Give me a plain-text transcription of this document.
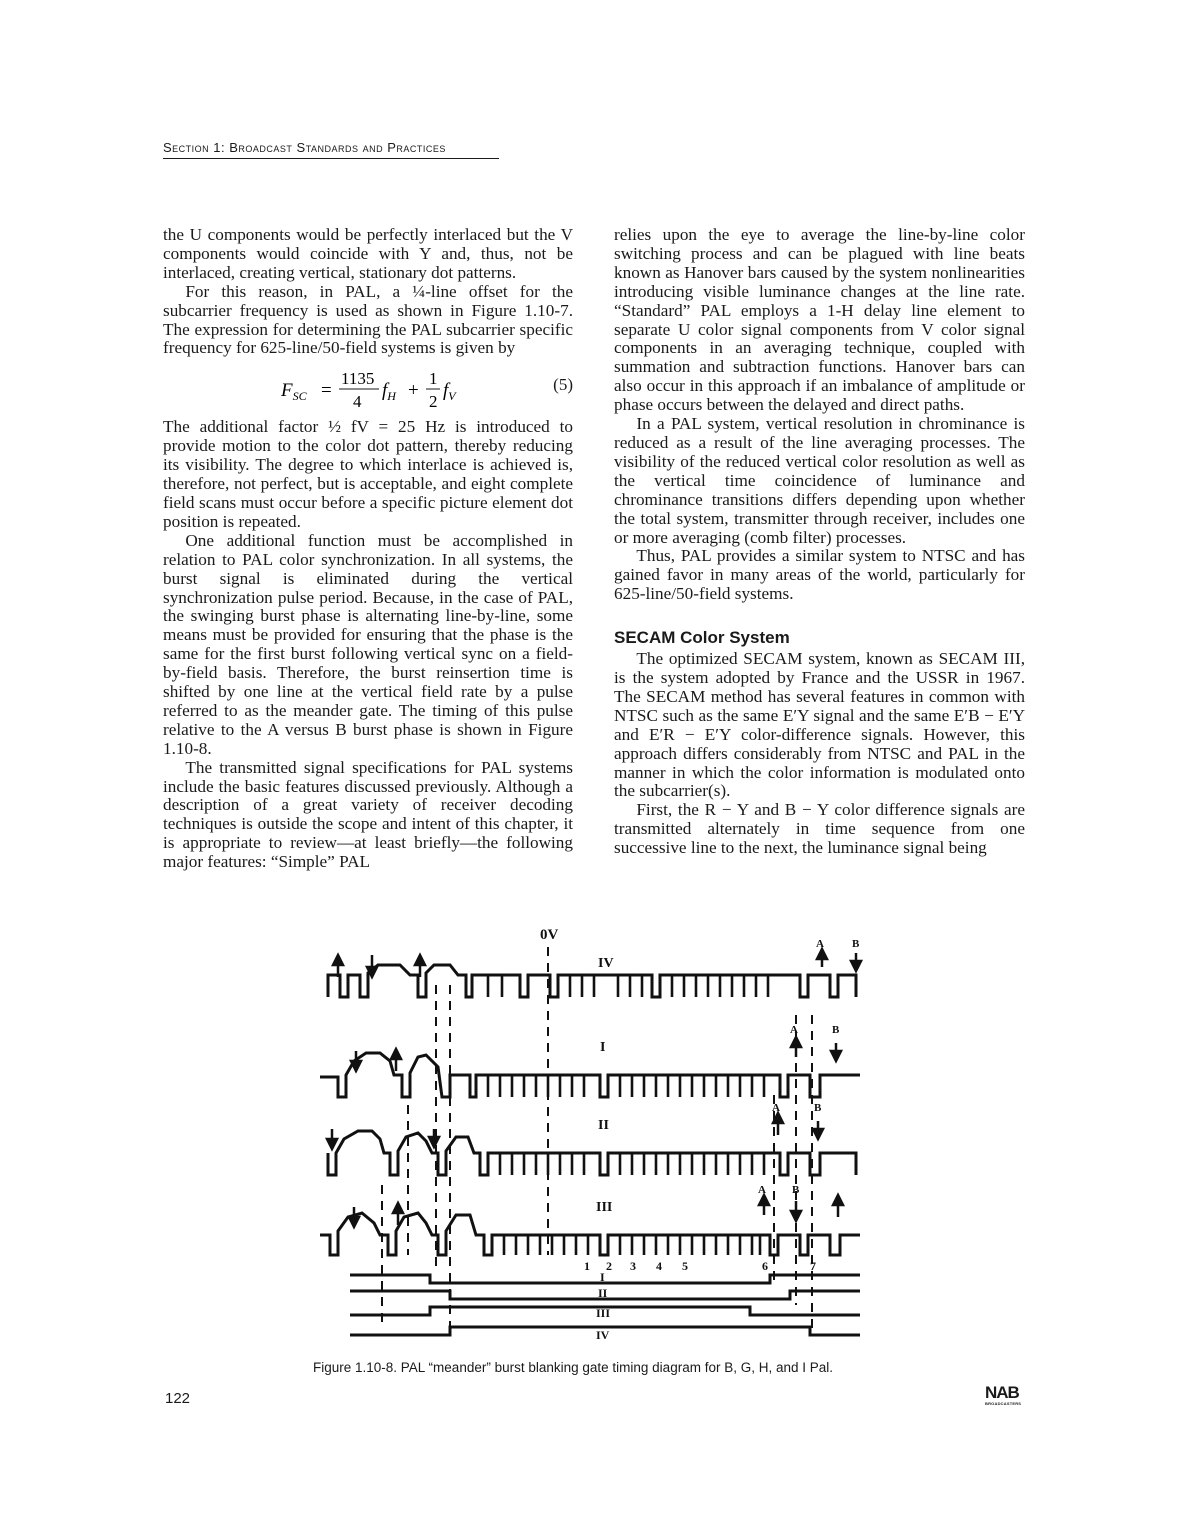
Section 1: Broadcast Standards and Practices

the U components would be perfectly interlaced but the V components would coincide with Y and, thus, not be interlaced, creating vertical, stationary dot patterns.

For this reason, in PAL, a ¼-line offset for the subcarrier frequency is used as shown in Figure 1.10-7. The expression for determining the PAL subcarrier specific frequency for 625-line/50-field systems is given by

$F_{SC}$ =
1135
4
$f_H$ +
1
2
$f_V$
(5)

The additional factor ½ fV = 25 Hz is introduced to provide motion to the color dot pattern, thereby reducing its visibility. The degree to which interlace is achieved is, therefore, not perfect, but is acceptable, and eight complete field scans must occur before a specific picture element dot position is repeated.

One additional function must be accomplished in relation to PAL color synchronization. In all systems, the burst signal is eliminated during the vertical synchronization pulse period. Because, in the case of PAL, the swinging burst phase is alternating line-by-line, some means must be provided for ensuring that the phase is the same for the first burst following vertical sync on a field-by-field basis. Therefore, the burst reinsertion time is shifted by one line at the vertical field rate by a pulse referred to as the meander gate. The timing of this pulse relative to the A versus B burst phase is shown in Figure 1.10-8.

The transmitted signal specifications for PAL systems include the basic features discussed previously. Although a description of a great variety of receiver decoding techniques is outside the scope and intent of this chapter, it is appropriate to review—at least briefly—the following major features: “Simple” PAL

relies upon the eye to average the line-by-line color switching process and can be plagued with line beats known as Hanover bars caused by the system nonlinearities introducing visible luminance changes at the line rate. “Standard” PAL employs a 1-H delay line element to separate U color signal components from V color signal components in an averaging technique, coupled with summation and subtraction functions. Hanover bars can also occur in this approach if an imbalance of amplitude or phase occurs between the delayed and direct paths.

In a PAL system, vertical resolution in chrominance is reduced as a result of the line averaging processes. The visibility of the reduced vertical color resolution as well as the vertical time coincidence of luminance and chrominance transitions differs depending upon whether the total system, transmitter through receiver, includes one or more averaging (comb filter) processes.

Thus, PAL provides a similar system to NTSC and has gained favor in many areas of the world, particularly for 625-line/50-field systems.

SECAM Color System

The optimized SECAM system, known as SECAM III, is the system adopted by France and the USSR in 1967. The SECAM method has several features in common with NTSC such as the same E′Y signal and the same E′B − E′Y and E′R − E′Y color-difference signals. However, this approach differs considerably from NTSC and PAL in the manner in which the color information is modulated onto the subcarrier(s).

First, the R − Y and B − Y color difference signals are transmitted alternately in time sequence from one successive line to the next, the luminance signal being

0V
IV
I
II
III
A	B
A	B
A	B
A B
1 2 3 4 5	6	7
I
II
III
IV
Figure 1.10-8. PAL “meander” burst blanking gate timing diagram for B, G, H, and I Pal.
122	NAB
BROADCASTERS
